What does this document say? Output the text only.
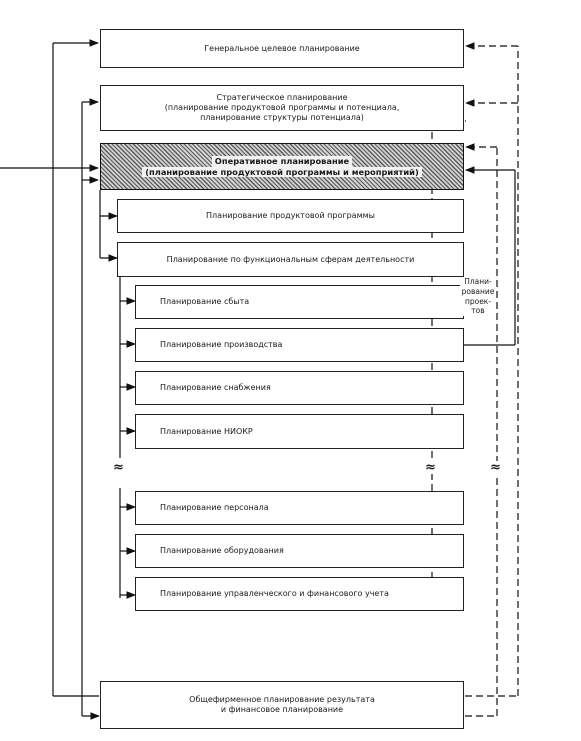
Генеральное целевое планирование
Стратегическое планирование
(планирование продуктовой программы и потенциала,
планирование структуры потенциала)
Оперативное планирование
(планирование продуктовой программы и мероприятий)
Планирование продуктовой программы
Планирование по функциональным сферам деятельности
Планирование сбыта
Планирование производства
Планирование снабжения
Планирование НИОКР
Планирование персонала
Планирование оборудования
Планирование управленческого и финансового учета
Общефирменное планирование результата
и финансовое планирование
Плани-
рование
проек-
тов
≈	≈	≈
